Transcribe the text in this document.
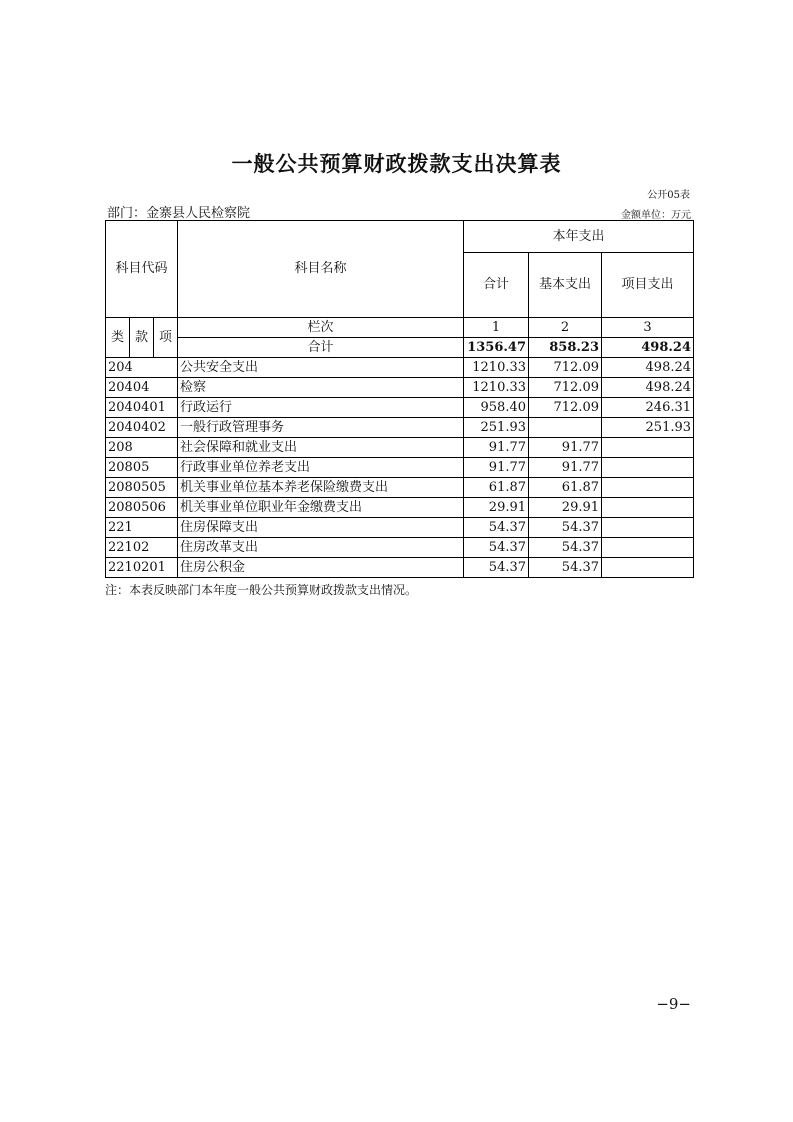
一般公共预算财政拨款支出决算表
公开05表
部门：金寨县人民检察院	金额单位：万元
科目代码			科目名称	本年支出		
				合计	基本支出	项目支出

类	款	项	栏次	1	2	3
			合计	1356.47	858.23	498.24
204			公共安全支出	1210.33	712.09	498.24
20404			检察	1210.33	712.09	498.24
2040401			行政运行	958.40	712.09	246.31
2040402			一般行政管理事务	251.93		251.93
208			社会保障和就业支出	91.77	91.77	
20805			行政事业单位养老支出	91.77	91.77	
2080505			机关事业单位基本养老保险缴费支出	61.87	61.87	
2080506			机关事业单位职业年金缴费支出	29.91	29.91	
221			住房保障支出	54.37	54.37	
22102			住房改革支出	54.37	54.37	
2210201			住房公积金	54.37	54.37	
注：本表反映部门本年度一般公共预算财政拨款支出情况。
−9−
